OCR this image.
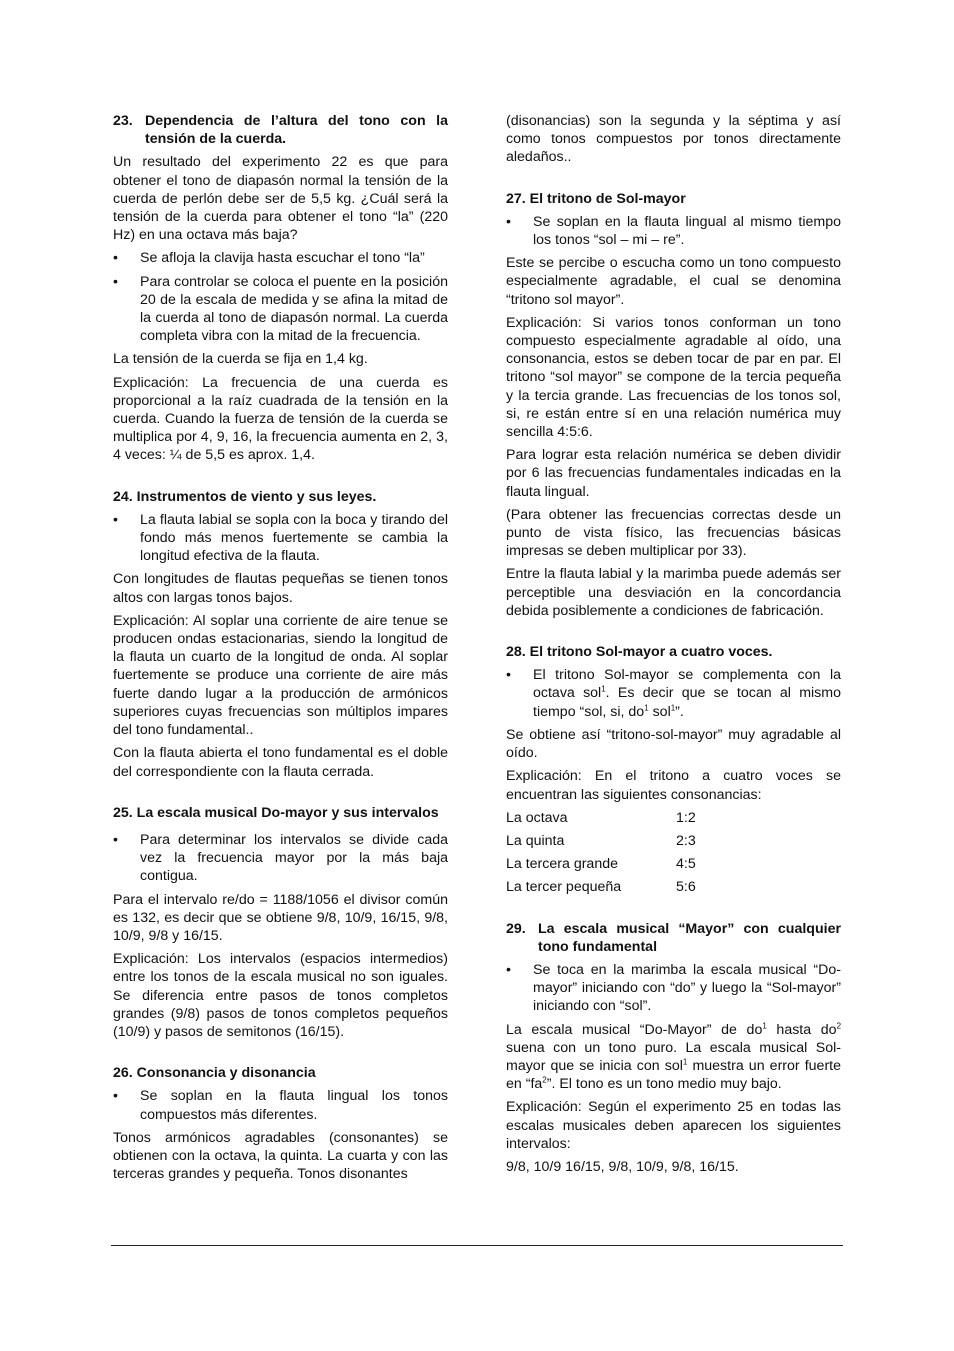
23. Dependencia de l’altura del tono con la tensión de la cuerda.

Un resultado del experimento 22 es que para obtener el tono de diapasón normal la tensión de la cuerda de perlón debe ser de 5,5 kg. ¿Cuál será la tensión de la cuerda para obtener el tono “la” (220 Hz) en una octava más baja?

• Se afloja la clavija hasta escuchar el tono “la”
• Para controlar se coloca el puente en la posición 20 de la escala de medida y se afina la mitad de la cuerda al tono de diapasón normal. La cuerda completa vibra con la mitad de la frecuencia.

La tensión de la cuerda se fija en 1,4 kg.

Explicación: La frecuencia de una cuerda es proporcional a la raíz cuadrada de la tensión en la cuerda. Cuando la fuerza de tensión de la cuerda se multiplica por 4, 9, 16, la frecuencia aumenta en 2, 3, 4 veces: ¼ de 5,5 es aprox. 1,4.

24. Instrumentos de viento y sus leyes.
• La flauta labial se sopla con la boca y tirando del fondo más menos fuertemente se cambia la longitud efectiva de la flauta.

Con longitudes de flautas pequeñas se tienen tonos altos con largas tonos bajos.

Explicación: Al soplar una corriente de aire tenue se producen ondas estacionarias, siendo la longitud de la flauta un cuarto de la longitud de onda. Al soplar fuertemente se produce una corriente de aire más fuerte dando lugar a la producción de armónicos superiores cuyas frecuencias son múltiplos impares del tono fundamental..

Con la flauta abierta el tono fundamental es el doble del correspondiente con la flauta cerrada.

25. La escala musical Do-mayor y sus intervalos
• Para determinar los intervalos se divide cada vez la frecuencia mayor por la más baja contigua.

Para el intervalo re/do = 1188/1056 el divisor común es 132, es decir que se obtiene 9/8, 10/9, 16/15, 9/8, 10/9, 9/8 y 16/15.

Explicación: Los intervalos (espacios intermedios) entre los tonos de la escala musical no son iguales. Se diferencia entre pasos de tonos completos grandes (9/8) pasos de tonos completos pequeños (10/9) y pasos de semitonos (16/15).

26. Consonancia y disonancia
• Se soplan en la flauta lingual los tonos compuestos más diferentes.

Tonos armónicos agradables (consonantes) se obtienen con la octava, la quinta. La cuarta y con las terceras grandes y pequeña. Tonos disonantes

(disonancias) son la segunda y la séptima y así como tonos compuestos por tonos directamente aledaños..

27. El tritono de Sol-mayor
• Se soplan en la flauta lingual al mismo tiempo los tonos “sol – mi – re”.

Este se percibe o escucha como un tono compuesto especialmente agradable, el cual se denomina “tritono sol mayor”.

Explicación: Si varios tonos conforman un tono compuesto especialmente agradable al oído, una consonancia, estos se deben tocar de par en par. El tritono “sol mayor” se compone de la tercia pequeña y la tercia grande. Las frecuencias de los tonos sol, si, re están entre sí en una relación numérica muy sencilla 4:5:6.

Para lograr esta relación numérica se deben dividir por 6 las frecuencias fundamentales indicadas en la flauta lingual.

(Para obtener las frecuencias correctas desde un punto de vista físico, las frecuencias básicas impresas se deben multiplicar por 33).

Entre la flauta labial y la marimba puede además ser perceptible una desviación en la concordancia debida posiblemente a condiciones de fabricación.

28. El tritono Sol-mayor a cuatro voces.
• El tritono Sol-mayor se complementa con la octava sol$^1$. Es decir que se tocan al mismo tiempo “sol, si, $do^1$ sol$^1$”.

Se obtiene así “tritono-sol-mayor” muy agradable al oído.

Explicación: En el tritono a cuatro voces se encuentran las siguientes consonancias:

La octava	1:2
La quinta	2:3
La tercera grande	4:5
La tercer pequeña	5:6
29. La escala musical “Mayor” con cualquier tono fundamental
• Se toca en la marimba la escala musical “Do-mayor” iniciando con “do” y luego la “Sol-mayor” iniciando con “sol”.

La escala musical “Do-Mayor” de $do^1$ hasta $do^2$ suena con un tono puro. La escala musical Sol-mayor que se inicia con sol$^1$ muestra un error fuerte en “$fa^2$”. El tono es un tono medio muy bajo.

Explicación: Según el experimento 25 en todas las escalas musicales deben aparecen los siguientes intervalos:

9/8, 10/9 16/15, 9/8, 10/9, 9/8, 16/15.
